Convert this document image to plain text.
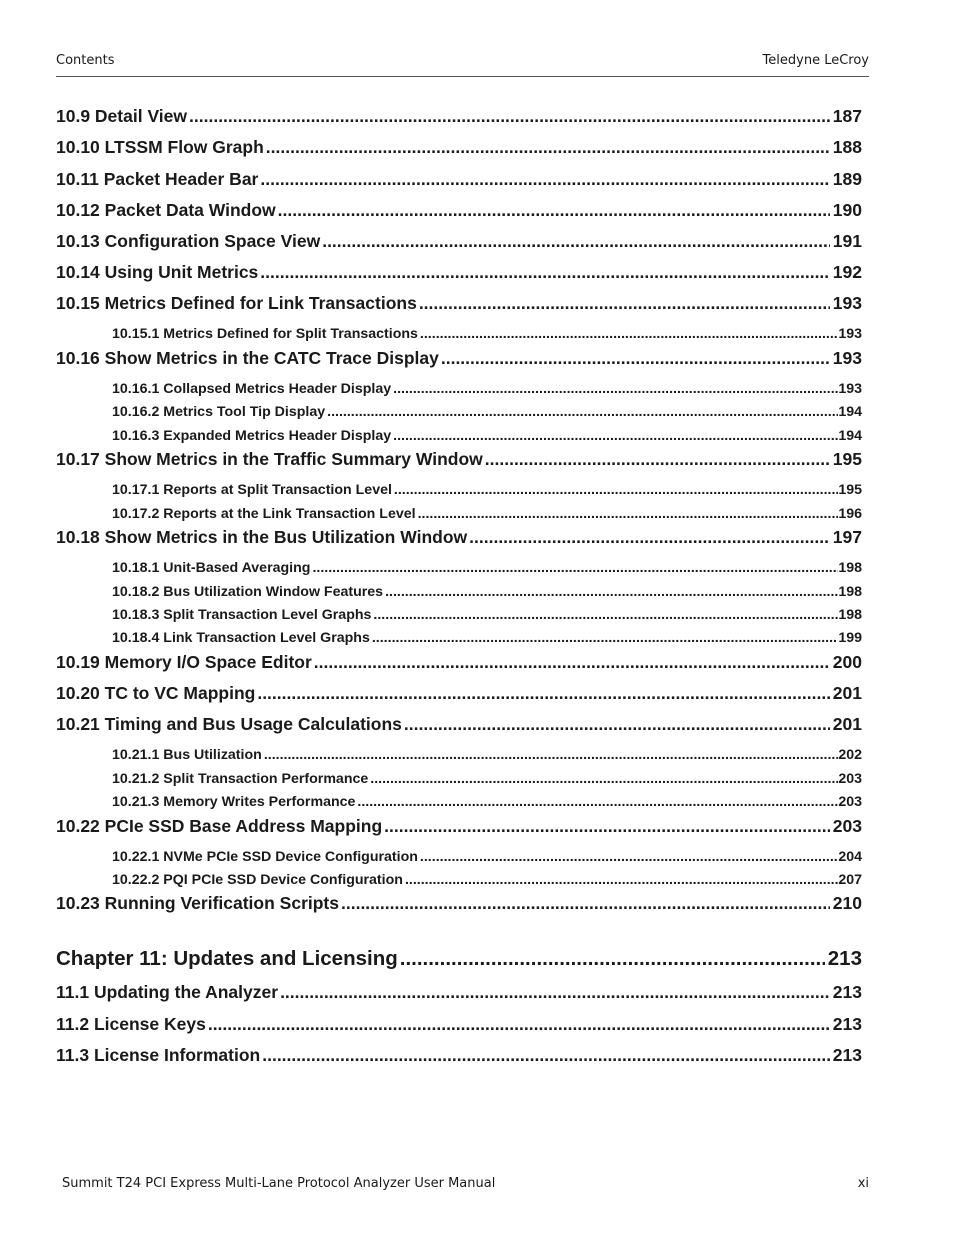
Contents	Teledyne LeCroy
10.9 Detail View .....	187
10.10 LTSSM Flow Graph .....	188
10.11 Packet Header Bar .....	189
10.12 Packet Data Window .....	190
10.13 Configuration Space View .....	191
10.14 Using Unit Metrics .....	192
10.15 Metrics Defined for Link Transactions .....	193
10.15.1 Metrics Defined for Split Transactions .....	193
10.16 Show Metrics in the CATC Trace Display .....	193
10.16.1 Collapsed Metrics Header Display .....	193
10.16.2 Metrics Tool Tip Display .....	194
10.16.3 Expanded Metrics Header Display .....	194
10.17 Show Metrics in the Traffic Summary Window .....	195
10.17.1 Reports at Split Transaction Level .....	195
10.17.2 Reports at the Link Transaction Level .....	196
10.18 Show Metrics in the Bus Utilization Window .....	197
10.18.1 Unit-Based Averaging .....	198
10.18.2 Bus Utilization Window Features .....	198
10.18.3 Split Transaction Level Graphs .....	198
10.18.4 Link Transaction Level Graphs .....	199
10.19 Memory I/O Space Editor .....	200
10.20 TC to VC Mapping .....	201
10.21 Timing and Bus Usage Calculations .....	201
10.21.1 Bus Utilization .....	202
10.21.2 Split Transaction Performance .....	203
10.21.3 Memory Writes Performance .....	203
10.22 PCIe SSD Base Address Mapping .....	203
10.22.1 NVMe PCIe SSD Device Configuration .....	204
10.22.2 PQI PCIe SSD Device Configuration .....	207
10.23 Running Verification Scripts .....	210
Chapter 11: Updates and Licensing .....	213
11.1 Updating the Analyzer .....	213
11.2 License Keys .....	213
11.3 License Information .....	213
Summit T24 PCI Express Multi-Lane Protocol Analyzer User Manual	xi
